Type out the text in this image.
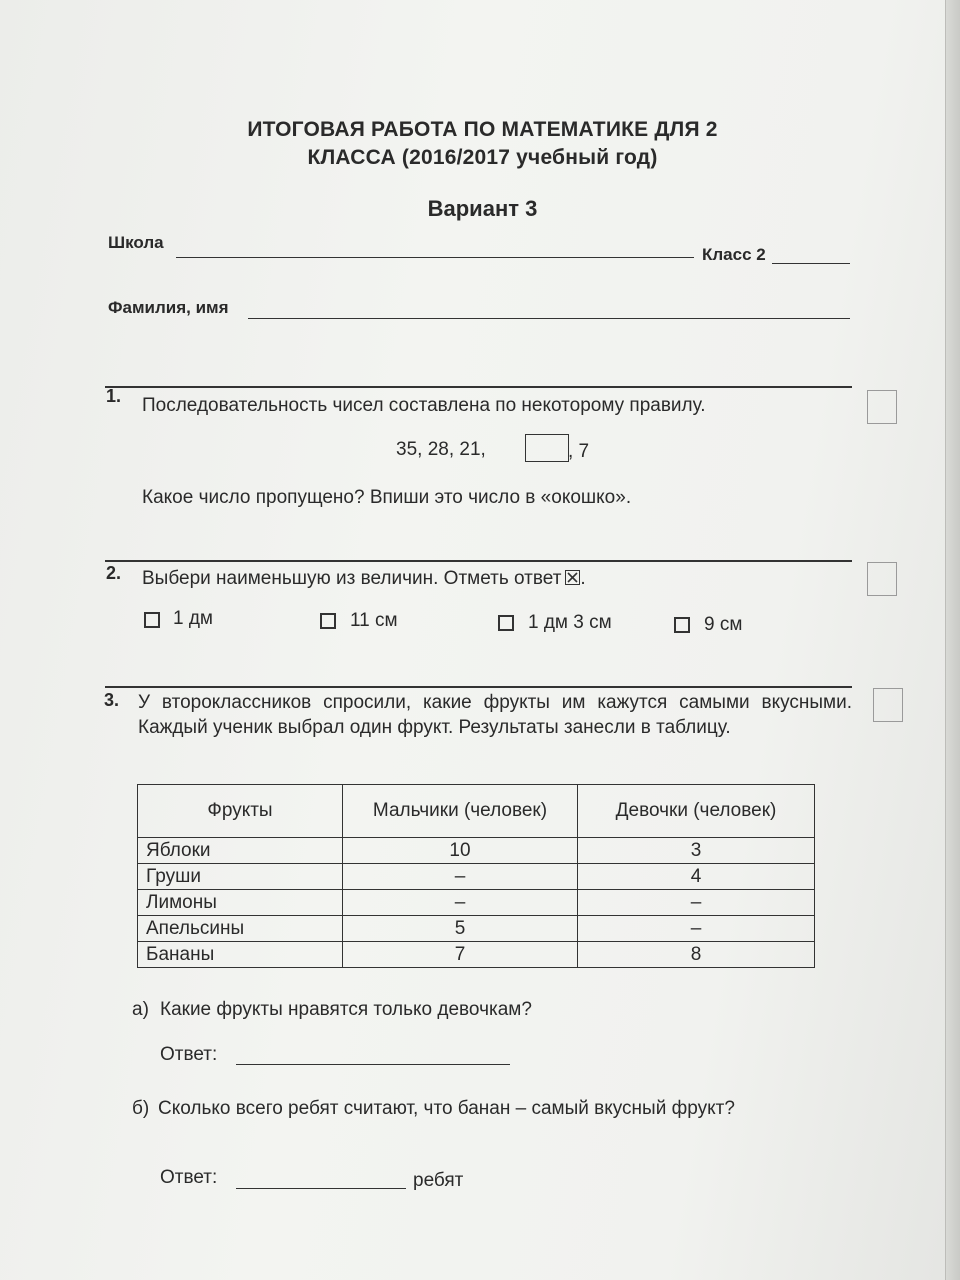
ИТОГОВАЯ РАБОТА ПО МАТЕМАТИКЕ ДЛЯ 2
КЛАССА (2016/2017 учебный год)
Вариант 3
Школа
Класс 2
Фамилия, имя
1. Последовательность чисел составлена по некоторому правилу.
35, 28, 21,	, 7
Какое число пропущено? Впиши это число в «окошко».
2. Выбери наименьшую из величин. Отметь ответ .
1 дм	11 см	1 дм 3 см	9 см
3. У второклассников спросили, какие фрукты им кажутся самыми вкусными. Каждый ученик выбрал один фрукт. Результаты занесли в таблицу.
Фрукты	Мальчики (человек)	Девочки (человек)
Яблоки	10	3
Груши	–	4
Лимоны	–	–
Апельсины	5	–
Бананы	7	8
а) Какие фрукты нравятся только девочкам?
Ответ:
б) Сколько всего ребят считают, что банан – самый вкусный фрукт?
Ответ:	ребят
